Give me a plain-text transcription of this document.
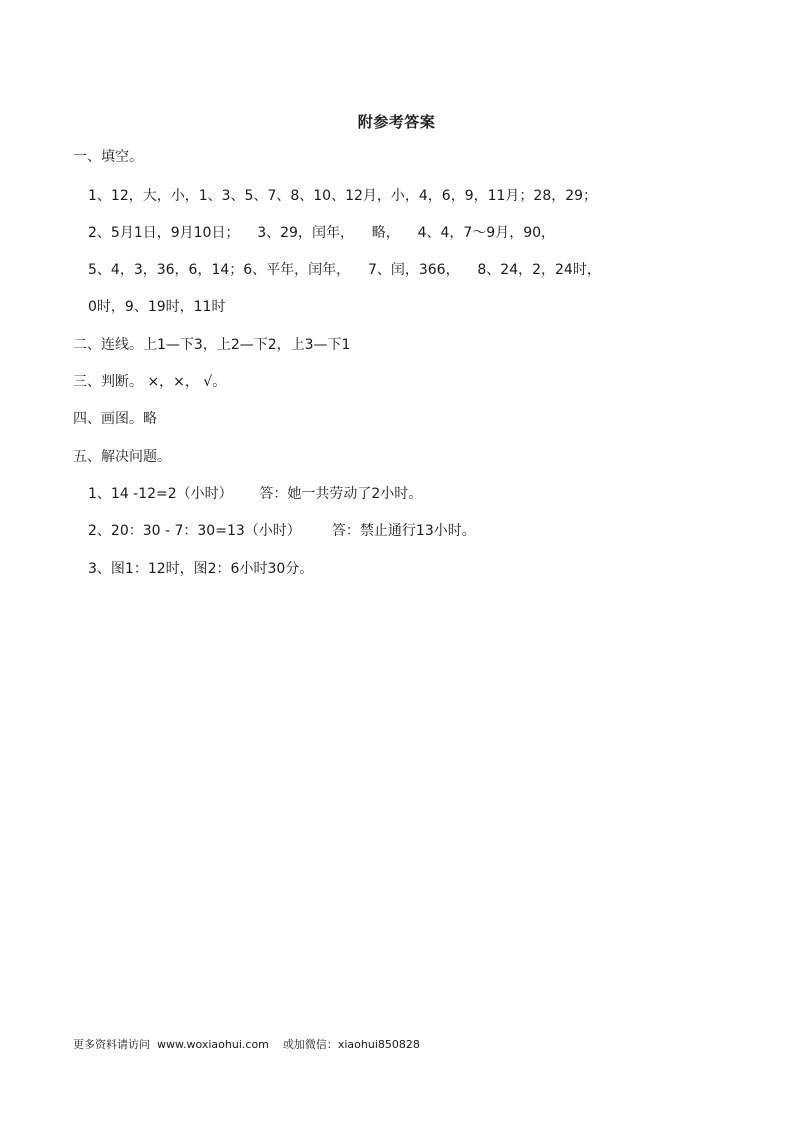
附参考答案
一、填空。
1、12，大，小，1、3、5、7、8、10、12月，小，4，6，9，11月；28，29；
2、5月1日，9月10日；    3、29，闰年，    略，    4、4，7～9月，90，
5、4，3，36，6，14；6、平年，闰年，    7、闰，366，    8、24，2，24时，
0时，9、19时，11时
二、连线。上1—下3，上2—下2，上3—下1
三、判断。 ×，×， √。
四、画图。略
五、解决问题。
1、14 -12=2（小时）      答：她一共劳动了2小时。
2、20：30 - 7：30=13（小时）       答：禁止通行13小时。
3、图1：12时，图2：6小时30分。
更多资料请访问  www.woxiaohui.com    或加微信：xiaohui850828
